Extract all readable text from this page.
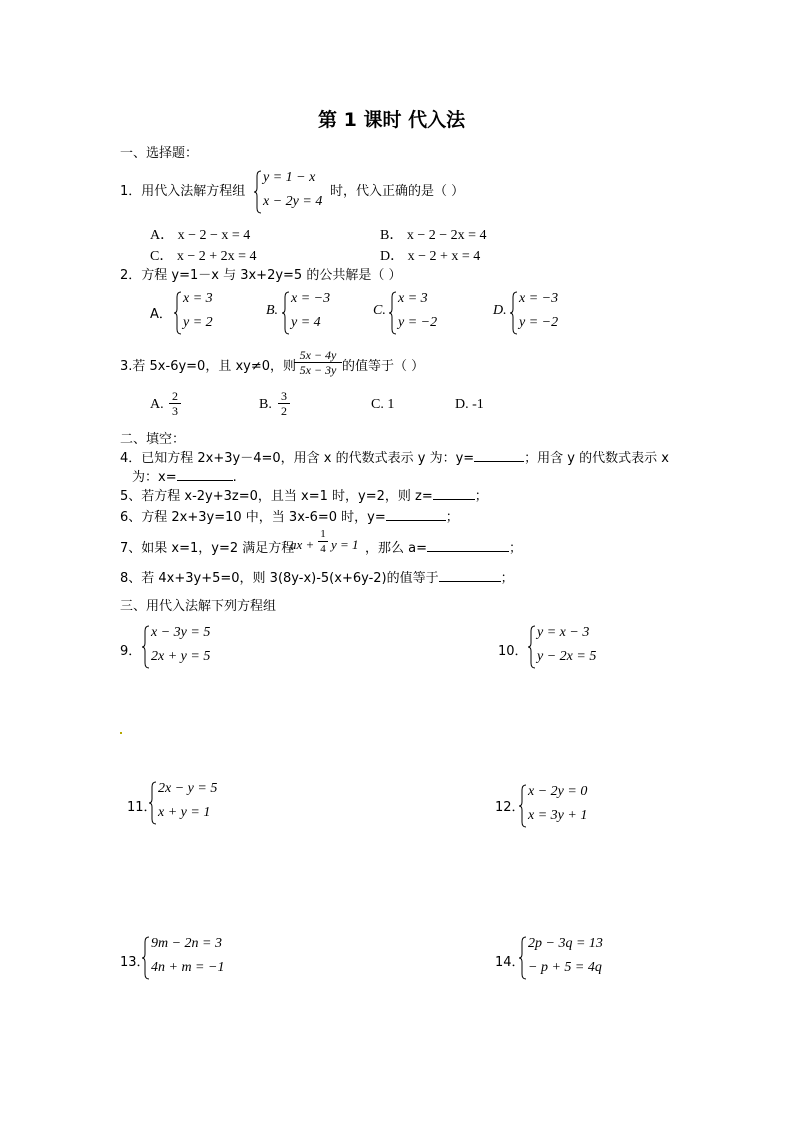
第 1 课时 代入法
一、选择题：
1．用代入法解方程组
y = 1 − x
x − 2y = 4
时，代入正确的是（ ）
A． x − 2 − x = 4	B． x − 2 − 2x = 4
C． x − 2 + 2x = 4	D． x − 2 + x = 4
2．方程 y=1－x 与 3x+2y=5 的公共解是（ ）
A．
x = 3
y = 2
B.
x = −3
y = 4
C.
x = 3
y = −2
D.
x = −3
y = −2
3.若 5x-6y=0，且 xy≠0，则
$\frac{5x - 4y}{5x - 3y}$ 的值等于（ ）
A. $\frac{2}{3}$	B. $\frac{3}{2}$	C. 1	D. -1
二、填空：
4．已知方程 2x+3y－4=0，用含 x 的代数式表示 y 为：y=	；用含 y 的代数式表示 x
为：x=	.
5、若方程 x-2y+3z=0，且当 x=1 时，y=2，则 z=	；
6、方程 2x+3y=10 中，当 3x-6=0 时，y=	；
7、如果 x=1，y=2 满足方程
ax + $\frac{1}{4}$ y = 1 ，那么 a=	；
8、若 4x+3y+5=0，则 3(8y-x)-5(x+6y-2)的值等于	；
三、用代入法解下列方程组
9．
x − 3y = 5
2x + y = 5	10．
y = x − 3
y − 2x = 5
11．
2x − y = 5
x + y = 1	12．
x − 2y = 0
x = 3y + 1
13．
9m − 2n = 3
4n + m = −1	14．
2p − 3q = 13
− p + 5 = 4q
